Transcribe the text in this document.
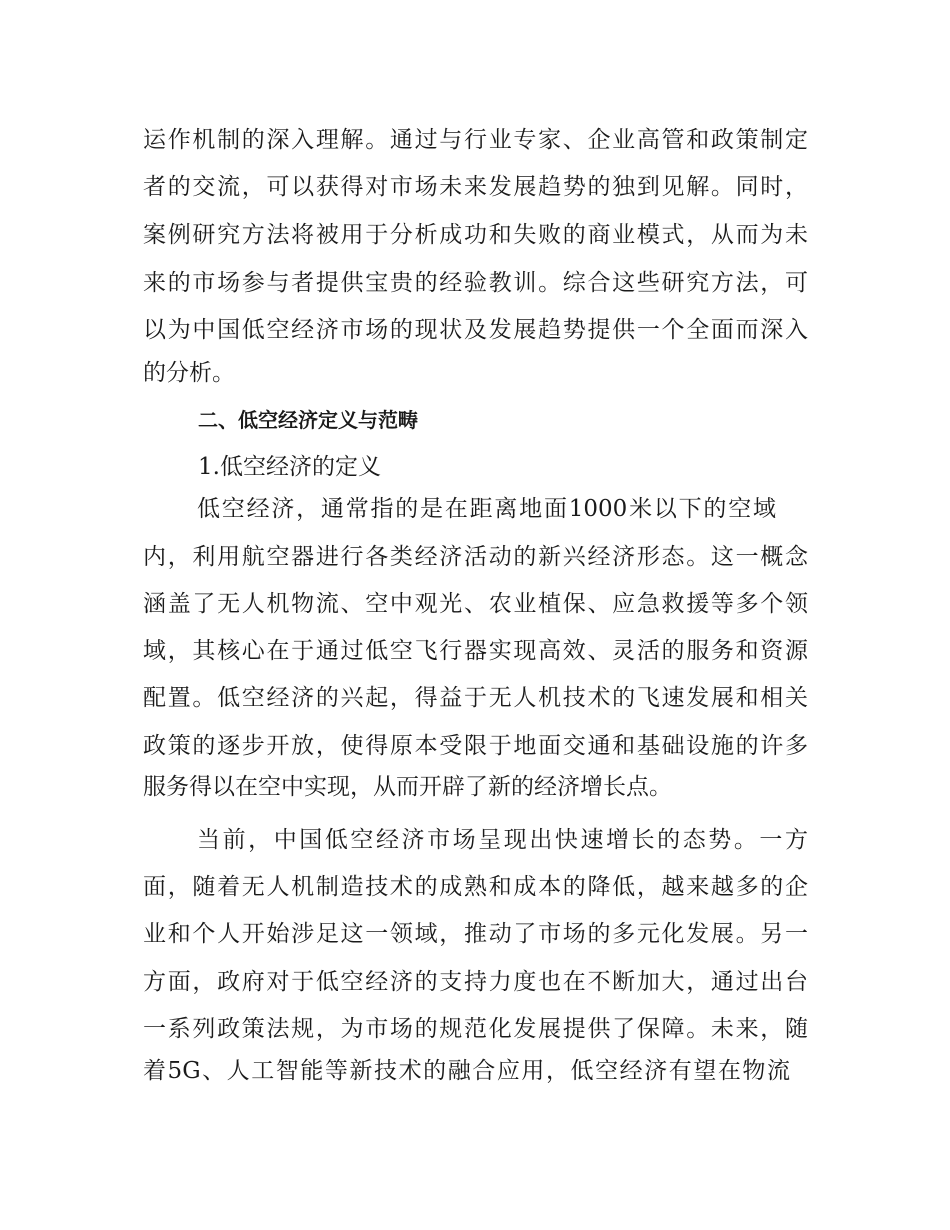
运作机制的深入理解。通过与行业专家、企业高管和政策制定
者的交流，可以获得对市场未来发展趋势的独到见解。同时，
案例研究方法将被用于分析成功和失败的商业模式，从而为未
来的市场参与者提供宝贵的经验教训。综合这些研究方法，可
以为中国低空经济市场的现状及发展趋势提供一个全面而深入
的分析。
二、低空经济定义与范畴
1.低空经济的定义
低空经济，通常指的是在距离地面1000米以下的空域
内，利用航空器进行各类经济活动的新兴经济形态。这一概念
涵盖了无人机物流、空中观光、农业植保、应急救援等多个领
域，其核心在于通过低空飞行器实现高效、灵活的服务和资源
配置。低空经济的兴起，得益于无人机技术的飞速发展和相关
政策的逐步开放，使得原本受限于地面交通和基础设施的许多
服务得以在空中实现，从而开辟了新的经济增长点。
当前，中国低空经济市场呈现出快速增长的态势。一方
面，随着无人机制造技术的成熟和成本的降低，越来越多的企
业和个人开始涉足这一领域，推动了市场的多元化发展。另一
方面，政府对于低空经济的支持力度也在不断加大，通过出台
一系列政策法规，为市场的规范化发展提供了保障。未来，随
着5G、人工智能等新技术的融合应用，低空经济有望在物流
